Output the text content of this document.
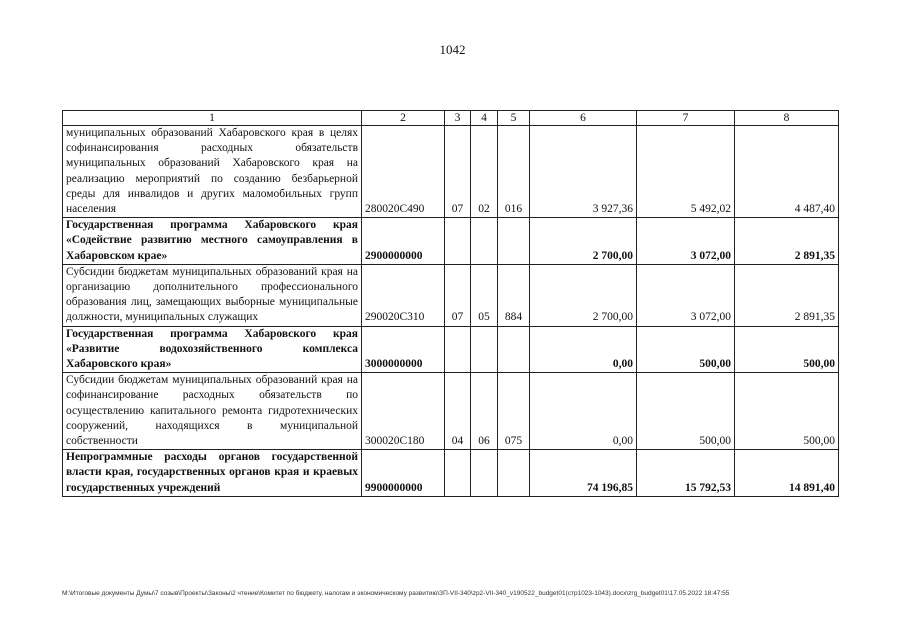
1042
1	2	3	4	5	6	7	8
муниципальных образований Хабаровского края в целях софинансирования расходных обязательств муниципальных образований Хабаровского края на реализацию мероприятий по созданию безбарьерной среды для инвалидов и других маломобильных групп населения	280020С490	07	02	016	3 927,36	5 492,02	4 487,40
Государственная программа Хабаровского края «Содействие развитию местного самоуправления в Хабаровском крае»	2900000000				2 700,00	3 072,00	2 891,35
Субсидии бюджетам муниципальных образований края на организацию дополнительного профессионального образования лиц, замещающих выборные муниципальные должности, муниципальных служащих	290020С310	07	05	884	2 700,00	3 072,00	2 891,35
Государственная программа Хабаровского края «Развитие водохозяйственного комплекса Хабаровского края»	3000000000				0,00	500,00	500,00
Субсидии бюджетам муниципальных образований края на софинансирование расходных обязательств по осуществлению капитального ремонта гидротехнических сооружений, находящихся в муниципальной собственности	300020С180	04	06	075	0,00	500,00	500,00
Непрограммные расходы органов государственной власти края, государственных органов края и краевых государственных учреждений	9900000000				74 196,85	15 792,53	14 891,40
M:\Итоговые документы Думы\7 созыв\Проекты\Законы\2 чтение\Комитет по бюджету, налогам и экономическому развитию\ЗП-VII-340\zp2-VII-340_v190522_budget01(стр1023-1043).docx\zrg_budget01\17.05.2022 18:47:55
